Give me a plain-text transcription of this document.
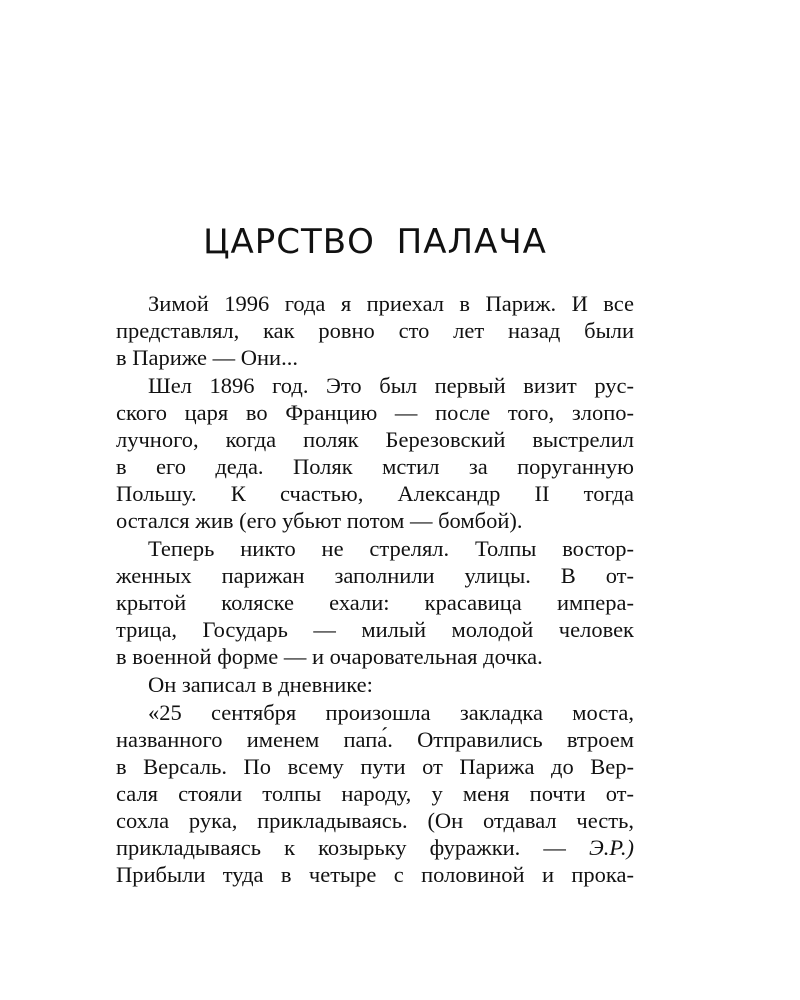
ЦАРСТВО ПАЛАЧА
Зимой 1996 года я приехал в Париж. И все
представлял, как ровно сто лет назад были
в Париже — Они...
Шел 1896 год. Это был первый визит рус-
ского царя во Францию — после того, злопо-
лучного, когда поляк Березовский выстрелил
в его деда. Поляк мстил за поруганную
Польшу. К счастью, Александр II тогда
остался жив (его убьют потом — бомбой).
Теперь никто не стрелял. Толпы востор-
женных парижан заполнили улицы. В от-
крытой коляске ехали: красавица импера-
трица, Государь — милый молодой человек
в военной форме — и очаровательная дочка.
Он записал в дневнике:
«25 сентября произошла закладка моста,
названного именем папа́. Отправились втроем
в Версаль. По всему пути от Парижа до Вер-
саля стояли толпы народу, у меня почти от-
сохла рука, прикладываясь. (Он отдавал честь,
прикладываясь к козырьку фуражки. — Э.Р.)
Прибыли туда в четыре с половиной и прока-
